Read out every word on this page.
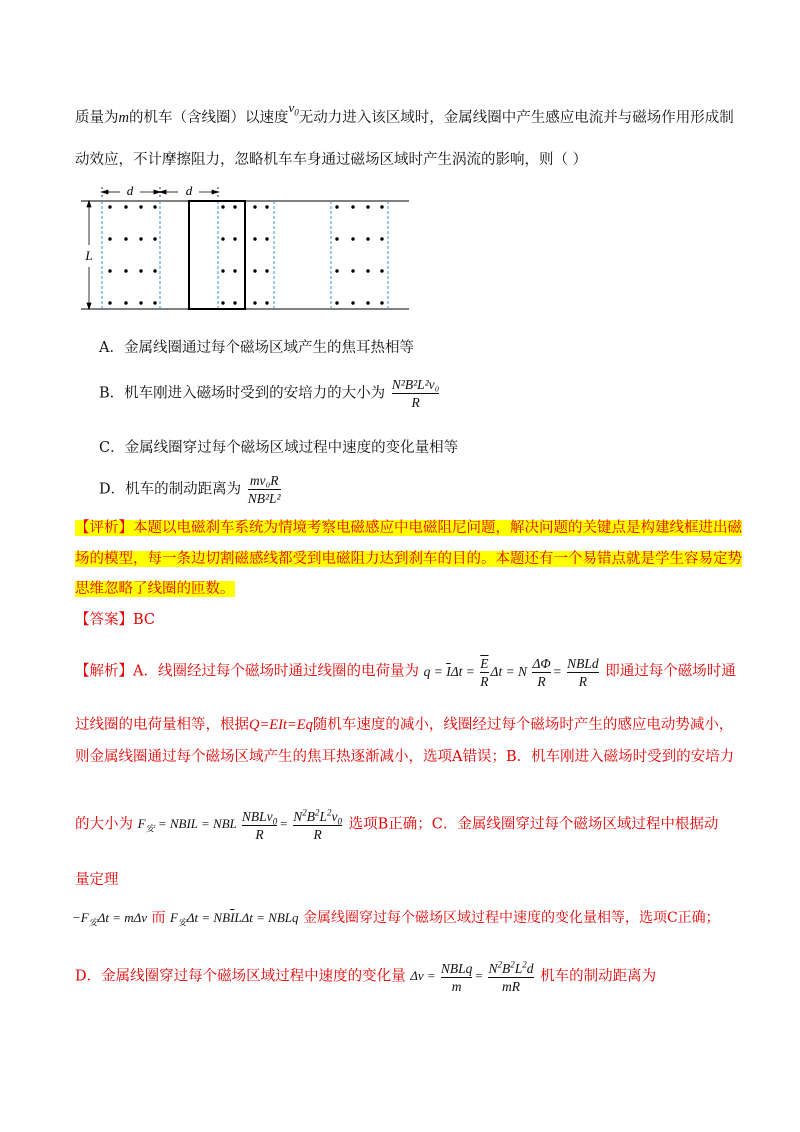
质量为m的机车（含线圈）以速度$v_0$无动力进入该区域时，金属线圈中产生感应电流并与磁场作用形成制
动效应，不计摩擦阻力，忽略机车车身通过磁场区域时产生涡流的影响，则（ ）
d	d
L
A．金属线圈通过每个磁场区域产生的焦耳热相等
B．机车刚进入磁场时受到的安培力的大小为 $\frac{\text{N²B²L²v₀}}{R}$
C．金属线圈穿过每个磁场区域过程中速度的变化量相等
D．机车的制动距离为 $\frac{\text{mv₀R}}{\text{NB²L²}}$
【评析】本题以电磁刹车系统为情境考察电磁感应中电磁阻尼问题，解决问题的关键点是构建线框进出磁
场的模型，每一条边切割磁感线都受到电磁阻力达到刹车的目的。本题还有一个易错点就是学生容易定势
思维忽略了线圈的匝数。
【答案】BC
【解析】A．线圈经过每个磁场时通过线圈的电荷量为 $q = \overline{I}\Delta t = \frac{\overline{E}}{R}$ Δt = N $\frac{\Delta\Phi}{R} = \frac{\text{NBLd}}{R}$ 即通过每个磁场时通
过线圈的电荷量相等，根据Q=EIt=Eq随机车速度的减小，线圈经过每个磁场时产生的感应电动势减小，
则金属线圈通过每个磁场区域产生的焦耳热逐渐减小，选项A错误；B．机车刚进入磁场时受到的安培力
的大小为 $F_安$ = NBIL = NBL $\frac{NBLv_0}{R} = \frac{N^2B^2L^2v_0}{R}$ 选项B正确；C．金属线圈穿过每个磁场区域过程中根据动
量定理
$-F_安\Delta t = m\Delta v$ 而 $F_安\Delta t = NB\overline{I}L\Delta t$ = NBLq 金属线圈穿过每个磁场区域过程中速度的变化量相等，选项C正确；
D．金属线圈穿过每个磁场区域过程中速度的变化量 $\Delta v = \frac{\text{NBLq}}{m} = \frac{N^2B^2L^2d}{mR}$ 机车的制动距离为
